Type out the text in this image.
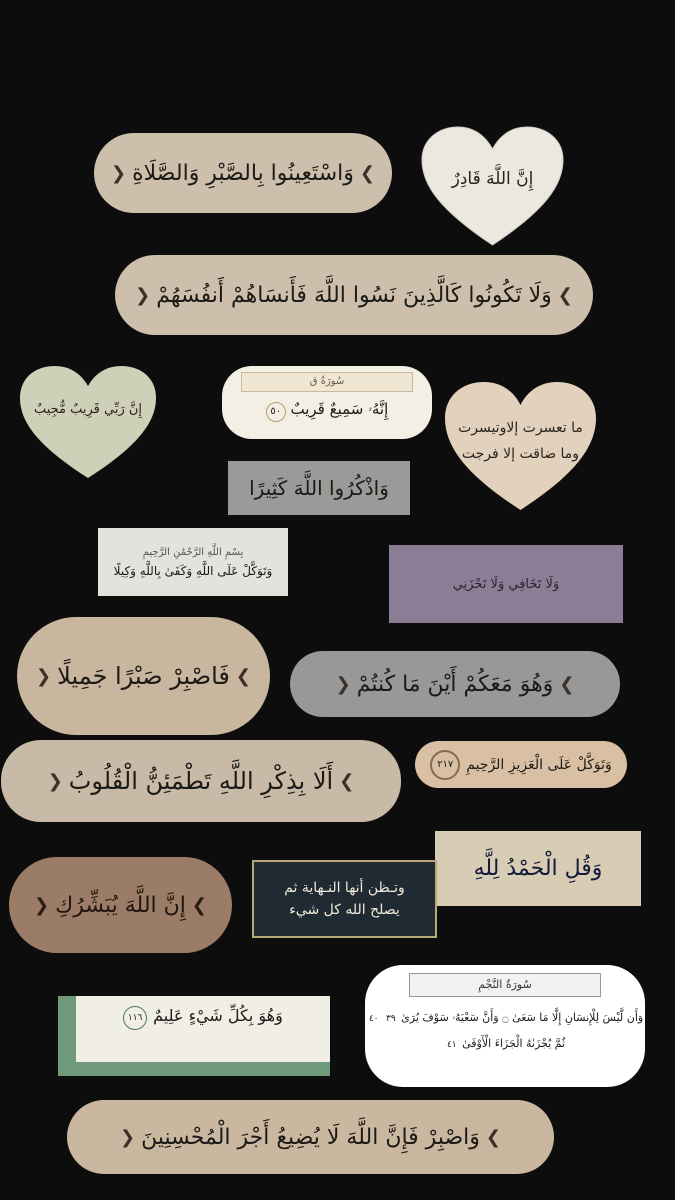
❯
وَاسْتَعِينُوا بِالصَّبْرِ وَالصَّلَاةِ
❮	إِنَّ اللَّهَ قَادِرٌ
❯
وَلَا تَكُونُوا كَالَّذِينَ نَسُوا اللَّهَ فَأَنسَاهُمْ أَنفُسَهُمْ
❮
إِنَّ رَبِّي قَرِيبٌ مُّجِيبٌ
سُورَةُ ق
إِنَّهُۥ سَمِيعٌ قَرِيبٌ ٥٠
ما تعسرت إلاوتيسرت
وما ضاقت إلا فرجت
وَاذْكُرُوا اللَّهَ كَثِيرًا
بِسْمِ اللَّهِ الرَّحْمَٰنِ الرَّحِيمِ
وَتَوَكَّلْ عَلَى اللَّهِ وَكَفَىٰ بِاللَّهِ وَكِيلًا
وَلَا تَخَافِي وَلَا تَحْزَنِي
❯
فَاصْبِرْ صَبْرًا جَمِيلًا
❮	❯
وَهُوَ مَعَكُمْ أَيْنَ مَا كُنتُمْ
❮
❯
أَلَا بِذِكْرِ اللَّهِ تَطْمَئِنُّ الْقُلُوبُ
❮
وَتَوَكَّلْ عَلَى الْعَزِيزِ الرَّحِيمِ
٢١٧
وَقُلِ الْحَمْدُ لِلَّهِ
❯
إِنَّ اللَّهَ يُبَشِّرُكِ
❮
وتـظن أنها النـهاية ثم
يصلح الله كل شيء
وَهُوَ بِكُلِّ شَيْءٍ عَلِيمٌ
١١٦
سُورَةُ النَّجْمِ
وَأَن لَّيْسَ لِلْإِنسَانِ إِلَّا مَا سَعَىٰ ۝ وَأَنَّ سَعْيَهُۥ سَوْفَ يُرَىٰ ٣٩ ٤٠
ثُمَّ يُجْزَىٰهُ الْجَزَاءَ الْأَوْفَىٰ ٤١
❯
وَاصْبِرْ فَإِنَّ اللَّهَ لَا يُضِيعُ أَجْرَ الْمُحْسِنِينَ
❮
